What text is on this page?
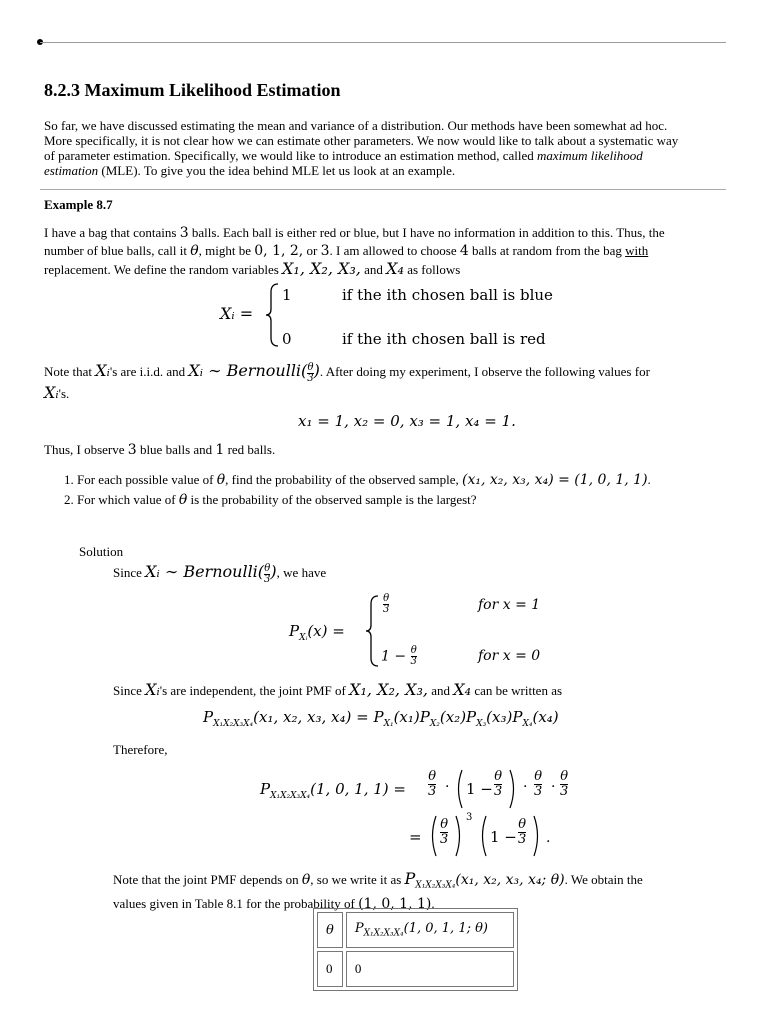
8.2.3 Maximum Likelihood Estimation
So far, we have discussed estimating the mean and variance of a distribution. Our methods have been somewhat ad hoc.
More specifically, it is not clear how we can estimate other parameters. We now would like to talk about a systematic way
of parameter estimation. Specifically, we would like to introduce an estimation method, called maximum likelihood
estimation (MLE). To give you the idea behind MLE let us look at an example.
Example 8.7
I have a bag that contains 3 balls. Each ball is either red or blue, but I have no information in addition to this. Thus, the
number of blue balls, call it θ, might be 0, 1, 2, or 3. I am allowed to choose 4 balls at random from the bag with
replacement. We define the random variables X₁, X₂, X₃, and X₄ as follows
Xᵢ =
1	if the ith chosen ball is blue
0	if the ith chosen ball is red
Note that Xᵢ's are i.i.d. and Xᵢ ∼ Bernoulli( $\frac{\theta}{3}$ ). After doing my experiment, I observe the following values for
Xᵢ's.
x₁ = 1, x₂ = 0, x₃ = 1, x₄ = 1.
Thus, I observe 3 blue balls and 1 red balls.
1. For each possible value of θ, find the probability of the observed sample, (x₁, x₂, x₃, x₄) = (1, 0, 1, 1).
2. For which value of θ is the probability of the observed sample is the largest?
Solution
Since Xᵢ ∼ Bernoulli( $\frac{\theta}{3}$ ), we have
$P_{Xᵢ}(x)$ =
$\frac{\theta}{3}$	for x = 1
$1 - \frac{\theta}{3}$	for x = 0
Since Xᵢ's are independent, the joint PMF of X₁, X₂, X₃, and X₄ can be written as
$P_{X_1X_2X_3X_4}(x_1$, x₂, x₃, $x_4) = P_{X_1}(x_1)P_{X_2}(x_2)P_{X_3}(x_3)P_{X_4}(x_4)$
Therefore,
$P_{X_1X_2X_3X_4}(1$, 0, 1, $1) = \frac{\theta}{3} \cdot 1 - \frac{\theta}{3} \cdot \frac{\theta}{3} \cdot \frac{\theta}{3}$
= $\frac{\theta}{3}$
3
$1 - \frac{\theta}{3}$ .
Note that the joint PMF depends on θ, so we write it as $P_{X_1X_2X_3X_4}(x_1$, x₂, x₃, x₄; θ). We obtain the
values given in Table 8.1 for the probability of (1, 0, 1, 1).
θ	$P_{X_1X_2X_3X_4}(1$, 0, 1, 1; θ)
0	0
